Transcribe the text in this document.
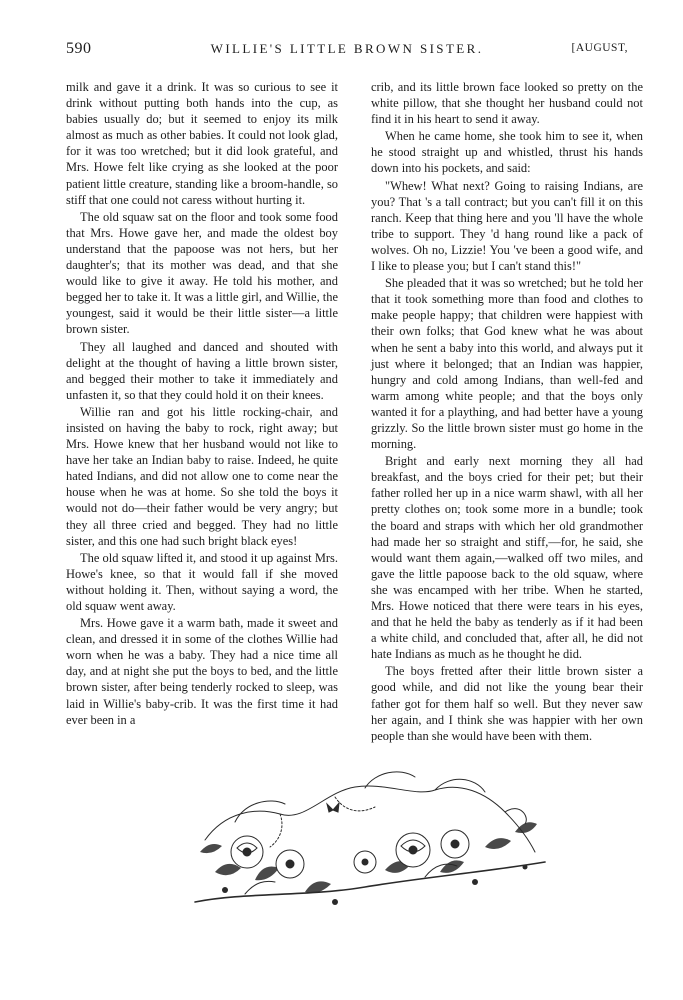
590	WILLIE'S LITTLE BROWN SISTER.	[AUGUST,

milk and gave it a drink. It was so curious to see it drink without putting both hands into the cup, as babies usually do; but it seemed to enjoy its milk almost as much as other babies. It could not look glad, for it was too wretched; but it did look grateful, and Mrs. Howe felt like crying as she looked at the poor patient little creature, standing like a broom-handle, so stiff that one could not caress without hurting it.

The old squaw sat on the floor and took some food that Mrs. Howe gave her, and made the oldest boy understand that the papoose was not hers, but her daughter's; that its mother was dead, and that she would like to give it away. He told his mother, and begged her to take it. It was a little girl, and Willie, the youngest, said it would be their little sister—a little brown sister.

They all laughed and danced and shouted with delight at the thought of having a little brown sister, and begged their mother to take it immediately and unfasten it, so that they could hold it on their knees.

Willie ran and got his little rocking-chair, and insisted on having the baby to rock, right away; but Mrs. Howe knew that her husband would not like to have her take an Indian baby to raise. Indeed, he quite hated Indians, and did not allow one to come near the house when he was at home. So she told the boys it would not do—their father would be very angry; but they all three cried and begged. They had no little sister, and this one had such bright black eyes!

The old squaw lifted it, and stood it up against Mrs. Howe's knee, so that it would fall if she moved without holding it. Then, without saying a word, the old squaw went away.

Mrs. Howe gave it a warm bath, made it sweet and clean, and dressed it in some of the clothes Willie had worn when he was a baby. They had a nice time all day, and at night she put the boys to bed, and the little brown sister, after being tenderly rocked to sleep, was laid in Willie's baby-crib. It was the first time it had ever been in a

crib, and its little brown face looked so pretty on the white pillow, that she thought her husband could not find it in his heart to send it away.

When he came home, she took him to see it, when he stood straight up and whistled, thrust his hands down into his pockets, and said:

"Whew! What next? Going to raising Indians, are you? That 's a tall contract; but you can't fill it on this ranch. Keep that thing here and you 'll have the whole tribe to support. They 'd hang round like a pack of wolves. Oh no, Lizzie! You 've been a good wife, and I like to please you; but I can't stand this!"

She pleaded that it was so wretched; but he told her that it took something more than food and clothes to make people happy; that children were happiest with their own folks; that God knew what he was about when he sent a baby into this world, and always put it just where it belonged; that an Indian was happier, hungry and cold among Indians, than well-fed and warm among white people; and that the boys only wanted it for a plaything, and had better have a young grizzly. So the little brown sister must go home in the morning.

Bright and early next morning they all had breakfast, and the boys cried for their pet; but their father rolled her up in a nice warm shawl, with all her pretty clothes on; took some more in a bundle; took the board and straps with which her old grandmother had made her so straight and stiff,—for, he said, she would want them again,—walked off two miles, and gave the little papoose back to the old squaw, where she was encamped with her tribe. When he started, Mrs. Howe noticed that there were tears in his eyes, and that he held the baby as tenderly as if it had been a white child, and concluded that, after all, he did not hate Indians as much as he thought he did.

The boys fretted after their little brown sister a good while, and did not like the young bear their father got for them half so well. But they never saw her again, and I think she was happier with her own people than she would have been with them.
